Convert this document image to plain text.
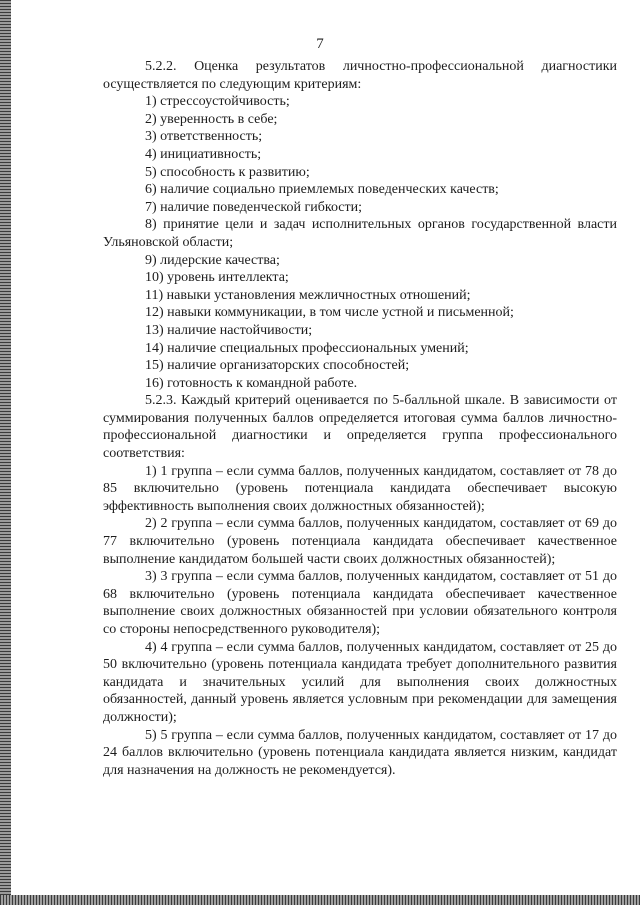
7

5.2.2. Оценка результатов личностно-профессиональной диагностики осуществляется по следующим критериям:

1) стрессоустойчивость;

2) уверенность в себе;

3) ответственность;

4) инициативность;

5) способность к развитию;

6) наличие социально приемлемых поведенческих качеств;

7) наличие поведенческой гибкости;

8) принятие цели и задач исполнительных органов государственной власти Ульяновской области;

9) лидерские качества;

10) уровень интеллекта;

11) навыки установления межличностных отношений;

12) навыки коммуникации, в том числе устной и письменной;

13) наличие настойчивости;

14) наличие специальных профессиональных умений;

15) наличие организаторских способностей;

16) готовность к командной работе.

5.2.3. Каждый критерий оценивается по 5-балльной шкале. В зависимости от суммирования полученных баллов определяется итоговая сумма баллов личностно-профессиональной диагностики и определяется группа профессионального соответствия:

1) 1 группа – если сумма баллов, полученных кандидатом, составляет от 78 до 85 включительно (уровень потенциала кандидата обеспечивает высокую эффективность выполнения своих должностных обязанностей);

2) 2 группа – если сумма баллов, полученных кандидатом, составляет от 69 до 77 включительно (уровень потенциала кандидата обеспечивает качественное выполнение кандидатом большей части своих должностных обязанностей);

3) 3 группа – если сумма баллов, полученных кандидатом, составляет от 51 до 68 включительно (уровень потенциала кандидата обеспечивает качественное выполнение своих должностных обязанностей при условии обязательного контроля со стороны непосредственного руководителя);

4) 4 группа – если сумма баллов, полученных кандидатом, составляет от 25 до 50 включительно (уровень потенциала кандидата требует дополнительного развития кандидата и значительных усилий для выполнения своих должностных обязанностей, данный уровень является условным при рекомендации для замещения должности);

5) 5 группа – если сумма баллов, полученных кандидатом, составляет от 17 до 24 баллов включительно (уровень потенциала кандидата является низким, кандидат для назначения на должность не рекомендуется).
